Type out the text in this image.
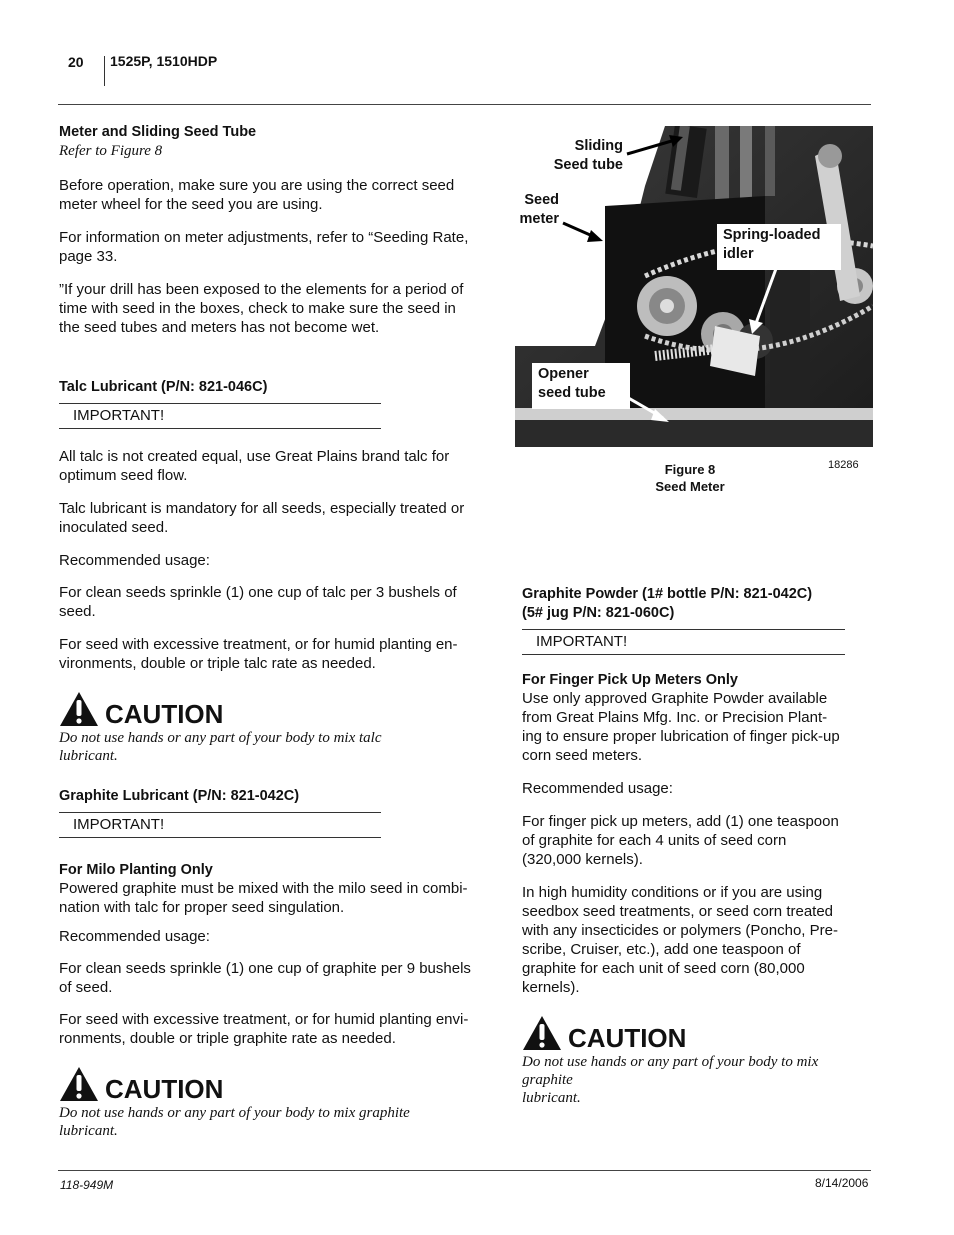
20 1525P, 1510HDP

Meter and Sliding Seed Tube

Refer to Figure 8

Before operation, make sure you are using the correct seed meter wheel for the seed you are using.

For information on meter adjustments, refer to “Seeding Rate, page 33.

”If your drill has been exposed to the elements for a period of time with seed in the boxes, check to make sure the seed in the seed tubes and meters has not become wet.

Talc Lubricant (P/N: 821-046C)

IMPORTANT!

All talc is not created equal, use Great Plains brand talc for optimum seed flow.

Talc lubricant is mandatory for all seeds, especially treated or inoculated seed.

Recommended usage:

For clean seeds sprinkle (1) one cup of talc per 3 bushels of seed.

For seed with excessive treatment, or for humid planting en-vironments, double or triple talc rate as needed.

CAUTION

Do not use hands or any part of your body to mix talc lubricant.

Graphite Lubricant (P/N: 821-042C)

IMPORTANT!

For Milo Planting Only

Powered graphite must be mixed with the milo seed in combi-nation with talc for proper seed singulation.

Recommended usage:

For clean seeds sprinkle (1) one cup of graphite per 9 bushels of seed.

For seed with excessive treatment, or for humid planting envi-ronments, double or triple graphite rate as needed.

CAUTION

Do not use hands or any part of your body to mix graphite lubricant.

Sliding
Seed tube
Seed
meter
Spring-loaded
idler
Opener
seed tube
Figure 8
Seed Meter
18286

Graphite Powder (1# bottle P/N: 821-042C)

(5# jug P/N: 821-060C)

IMPORTANT!

For Finger Pick Up Meters Only

Use only approved Graphite Powder available from Great Plains Mfg. Inc. or Precision Plant-ing to ensure proper lubrication of finger pick-up corn seed meters.

Recommended usage:

For finger pick up meters, add (1) one teaspoon of graphite for each 4 units of seed corn (320,000 kernels).

In high humidity conditions or if you are using seedbox seed treatments, or seed corn treated with any insecticides or polymers (Poncho, Pre-scribe, Cruiser, etc.), add one teaspoon of graphite for each unit of seed corn (80,000 kernels).

CAUTION

Do not use hands or any part of your body to mix

graphite

lubricant.

118-949M	8/14/2006
